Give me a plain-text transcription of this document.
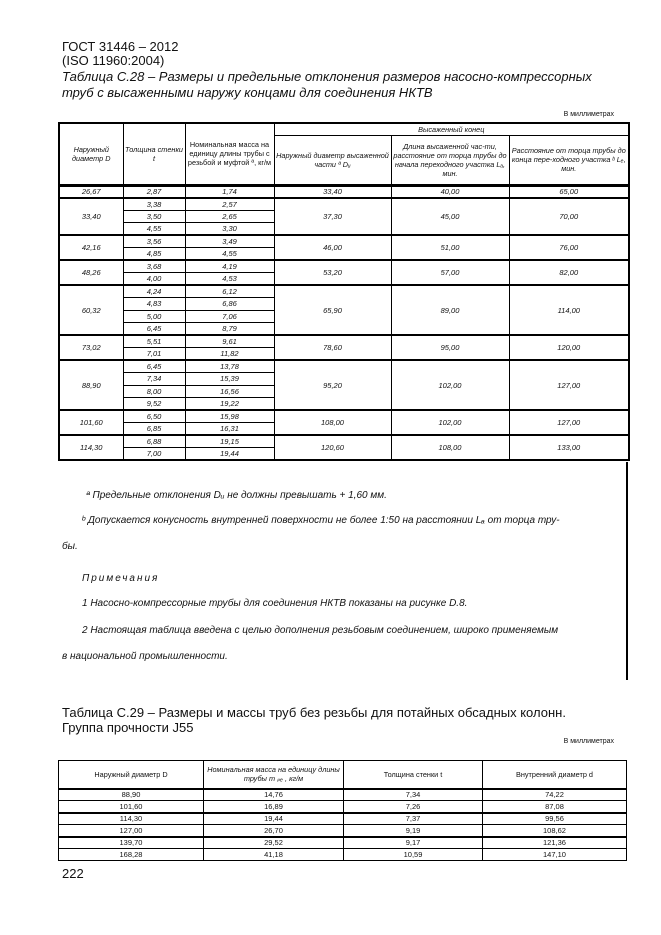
ГОСТ 31446 – 2012
(ISO 11960:2004)
Таблица С.28 – Размеры и предельные отклонения размеров насосно-компрессорных
труб с высаженными наружу концами для соединения НКТВ
В миллиметрах
Наружный диаметр D	Толщина стенки t	Номинальная масса на единицу длины трубы с резьбой и муфтой ª, кг/м	Высаженный конец		
			Наружный диаметр высаженной части ª Dᵤ	Длина высаженной час-ти, расстояние от торца трубы до начала переходного участка Lₐ, мин.	Расстояние от торца трубы до конца пере-ходного участка ᵇ Lₑ, мин.
26,67	2,87	1,74	33,40	40,00	65,00
33,40	3,38	2,57	37,30	45,00	70,00
	3,50	2,65			
	4,55	3,30			
42,16	3,56	3,49	46,00	51,00	76,00
	4,85	4,55			
48,26	3,68	4,19	53,20	57,00	82,00
	4,00	4,53			
60,32	4,24	6,12	65,90	89,00	114,00
	4,83	6,86			
	5,00	7,06			
	6,45	8,79			
73,02	5,51	9,61	78,60	95,00	120,00
	7,01	11,82			
88,90	6,45	13,78	95,20	102,00	127,00
	7,34	15,39			
	8,00	16,56			
	9,52	19,22			
101,60	6,50	15,98	108,00	102,00	127,00
	6,85	16,31			
114,30	6,88	19,15	120,60	108,00	133,00
	7,00	19,44			
ª Предельные отклонения Dᵤ не должны превышать + 1,60 мм.
ᵇ Допускается конусность внутренней поверхности не более 1:50 на расстоянии Lₐ от торца тру-
бы.
Примечания
1 Насосно-компрессорные трубы для соединения НКТВ показаны на рисунке D.8.
2 Настоящая таблица введена с целью дополнения резьбовым соединением, широко применяемым
в национальной промышленности.
Таблица С.29 – Размеры и массы труб без резьбы для потайных обсадных колонн.
Группа прочности J55
В миллиметрах
Наружный диаметр D	Номинальная масса на единицу длины трубы m ₚₑ , кг/м	Толщина стенки t	Внутренний диаметр d
88,90	14,76	7,34	74,22
101,60	16,89	7,26	87,08
114,30	19,44	7,37	99,56
127,00	26,70	9,19	108,62
139,70	29,52	9,17	121,36
168,28	41,18	10,59	147,10
222
